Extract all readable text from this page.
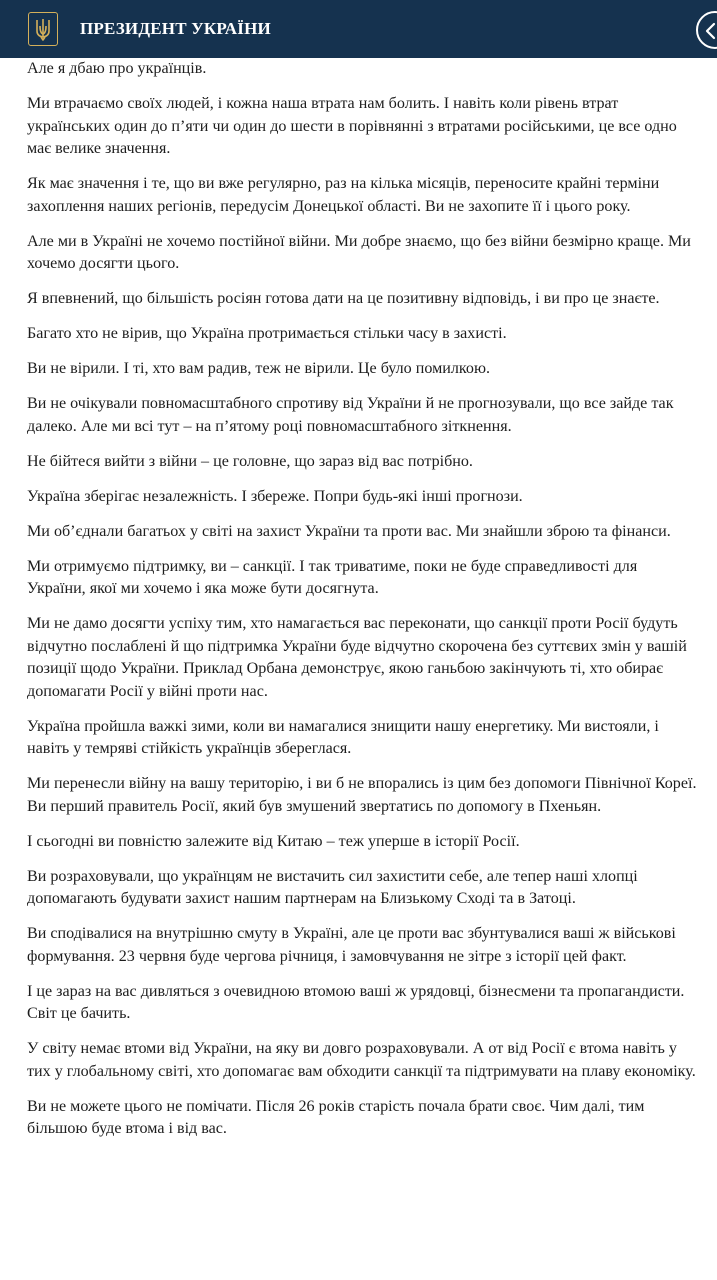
ПРЕЗИДЕНТ УКРАЇНИ

Але я дбаю про українців.

Ми втрачаємо своїх людей, і кожна наша втрата нам болить. І навіть коли рівень втрат українських один до п’яти чи один до шести в порівнянні з втратами російськими, це все одно має велике значення.

Як має значення і те, що ви вже регулярно, раз на кілька місяців, переносите крайні терміни захоплення наших регіонів, передусім Донецької області. Ви не захопите її і цього року.

Але ми в Україні не хочемо постійної війни. Ми добре знаємо, що без війни безмірно краще. Ми хочемо досягти цього.

Я впевнений, що більшість росіян готова дати на це позитивну відповідь, і ви про це знаєте.

Багато хто не вірив, що Україна протримається стільки часу в захисті.

Ви не вірили. І ті, хто вам радив, теж не вірили. Це було помилкою.

Ви не очікували повномасштабного спротиву від України й не прогнозували, що все зайде так далеко. Але ми всі тут – на п’ятому році повномасштабного зіткнення.

Не бійтеся вийти з війни – це головне, що зараз від вас потрібно.

Україна зберігає незалежність. І збереже. Попри будь-які інші прогнози.

Ми об’єднали багатьох у світі на захист України та проти вас. Ми знайшли зброю та фінанси.

Ми отримуємо підтримку, ви – санкції. І так триватиме, поки не буде справедливості для України, якої ми хочемо і яка може бути досягнута.

Ми не дамо досягти успіху тим, хто намагається вас переконати, що санкції проти Росії будуть відчутно послаблені й що підтримка України буде відчутно скорочена без суттєвих змін у вашій позиції щодо України. Приклад Орбана демонструє, якою ганьбою закінчують ті, хто обирає допомагати Росії у війні проти нас.

Україна пройшла важкі зими, коли ви намагалися знищити нашу енергетику. Ми вистояли, і навіть у темряві стійкість українців збереглася.

Ми перенесли війну на вашу територію, і ви б не впорались із цим без допомоги Північної Кореї. Ви перший правитель Росії, який був змушений звертатись по допомогу в Пхеньян.

І сьогодні ви повністю залежите від Китаю – теж уперше в історії Росії.

Ви розраховували, що українцям не вистачить сил захистити себе, але тепер наші хлопці допомагають будувати захист нашим партнерам на Близькому Сході та в Затоці.

Ви сподівалися на внутрішню смуту в Україні, але це проти вас збунтувалися ваші ж військові формування. 23 червня буде чергова річниця, і замовчування не зітре з історії цей факт.

І це зараз на вас дивляться з очевидною втомою ваші ж урядовці, бізнесмени та пропагандисти. Світ це бачить.

У світу немає втоми від України, на яку ви довго розраховували. А от від Росії є втома навіть у тих у глобальному світі, хто допомагає вам обходити санкції та підтримувати на плаву економіку.

Ви не можете цього не помічати. Після 26 років старість почала брати своє. Чим далі, тим більшою буде втома і від вас.
